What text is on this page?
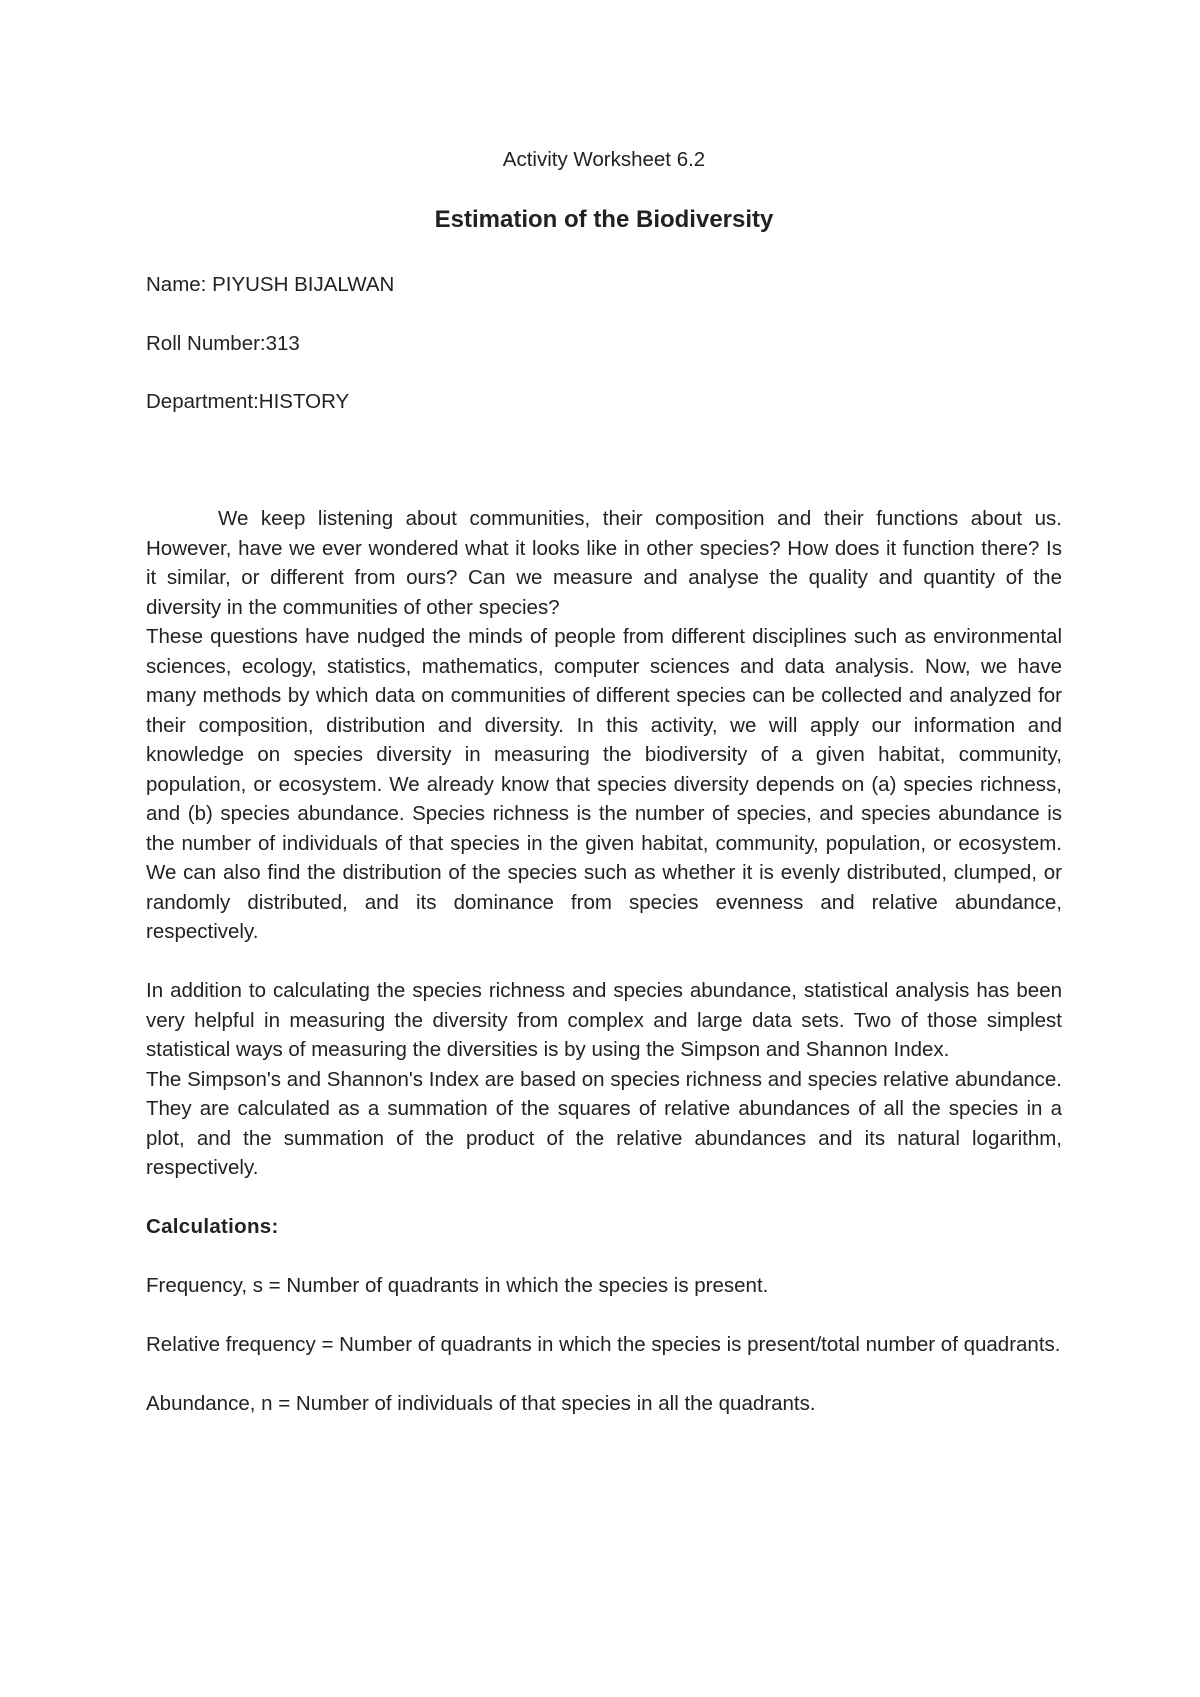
Activity Worksheet 6.2
Estimation of the Biodiversity
Name: PIYUSH BIJALWAN
Roll Number:313
Department:HISTORY

We keep listening about communities, their composition and their functions about us. However, have we ever wondered what it looks like in other species? How does it function there? Is it similar, or different from ours? Can we measure and analyse the quality and quantity of the diversity in the communities of other species?

These questions have nudged the minds of people from different disciplines such as environmental sciences, ecology, statistics, mathematics, computer sciences and data analysis. Now, we have many methods by which data on communities of different species can be collected and analyzed for their composition, distribution and diversity. In this activity, we will apply our information and knowledge on species diversity in measuring the biodiversity of a given habitat, community, population, or ecosystem. We already know that species diversity depends on (a) species richness, and (b) species abundance. Species richness is the number of species, and species abundance is the number of individuals of that species in the given habitat, community, population, or ecosystem. We can also find the distribution of the species such as whether it is evenly distributed, clumped, or randomly distributed, and its dominance from species evenness and relative abundance, respectively.

In addition to calculating the species richness and species abundance, statistical analysis has been very helpful in measuring the diversity from complex and large data sets. Two of those simplest statistical ways of measuring the diversities is by using the Simpson and Shannon Index.

The Simpson's and Shannon's Index are based on species richness and species relative abundance. They are calculated as a summation of the squares of relative abundances of all the species in a plot, and the summation of the product of the relative abundances and its natural logarithm, respectively.

Calculations:

Frequency, s = Number of quadrants in which the species is present.

Relative frequency = Number of quadrants in which the species is present/total number of quadrants.

Abundance, n = Number of individuals of that species in all the quadrants.
